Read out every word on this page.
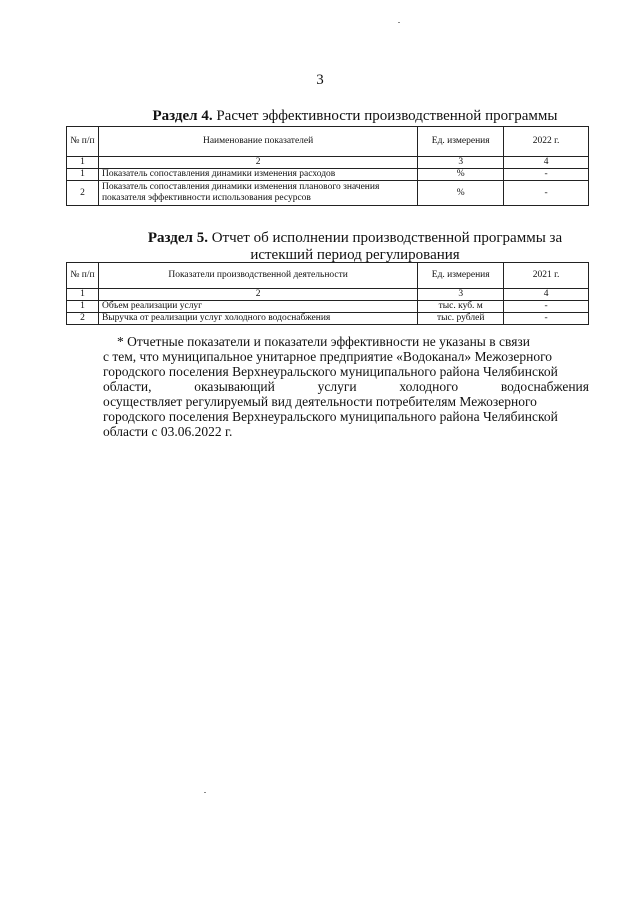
3
Раздел 4. Расчет эффективности производственной программы
№ п/п	Наименование показателей	Ед. измерения	2022 г.
1	2	3	4
1	Показатель сопоставления динамики изменения расходов	%	-
2	Показатель сопоставления динамики изменения планового значения показателя эффективности использования ресурсов	%	-
Раздел 5. Отчет об исполнении производственной программы за истекший период регулирования
№ п/п	Показатели производственной деятельности	Ед. измерения	2021 г.
1	2	3	4
1	Объем реализации услуг	тыс. куб. м	-
2	Выручка от реализации услуг холодного водоснабжения	тыс. рублей	-
* Отчетные показатели и показатели эффективности не указаны в связи
с тем, что муниципальное унитарное предприятие «Водоканал» Межозерного
городского поселения Верхнеуральского муниципального района Челябинской
области, оказывающий услуги холодного водоснабжения
осуществляет регулируемый вид деятельности потребителям Межозерного
городского поселения Верхнеуральского муниципального района Челябинской
области с 03.06.2022 г.
